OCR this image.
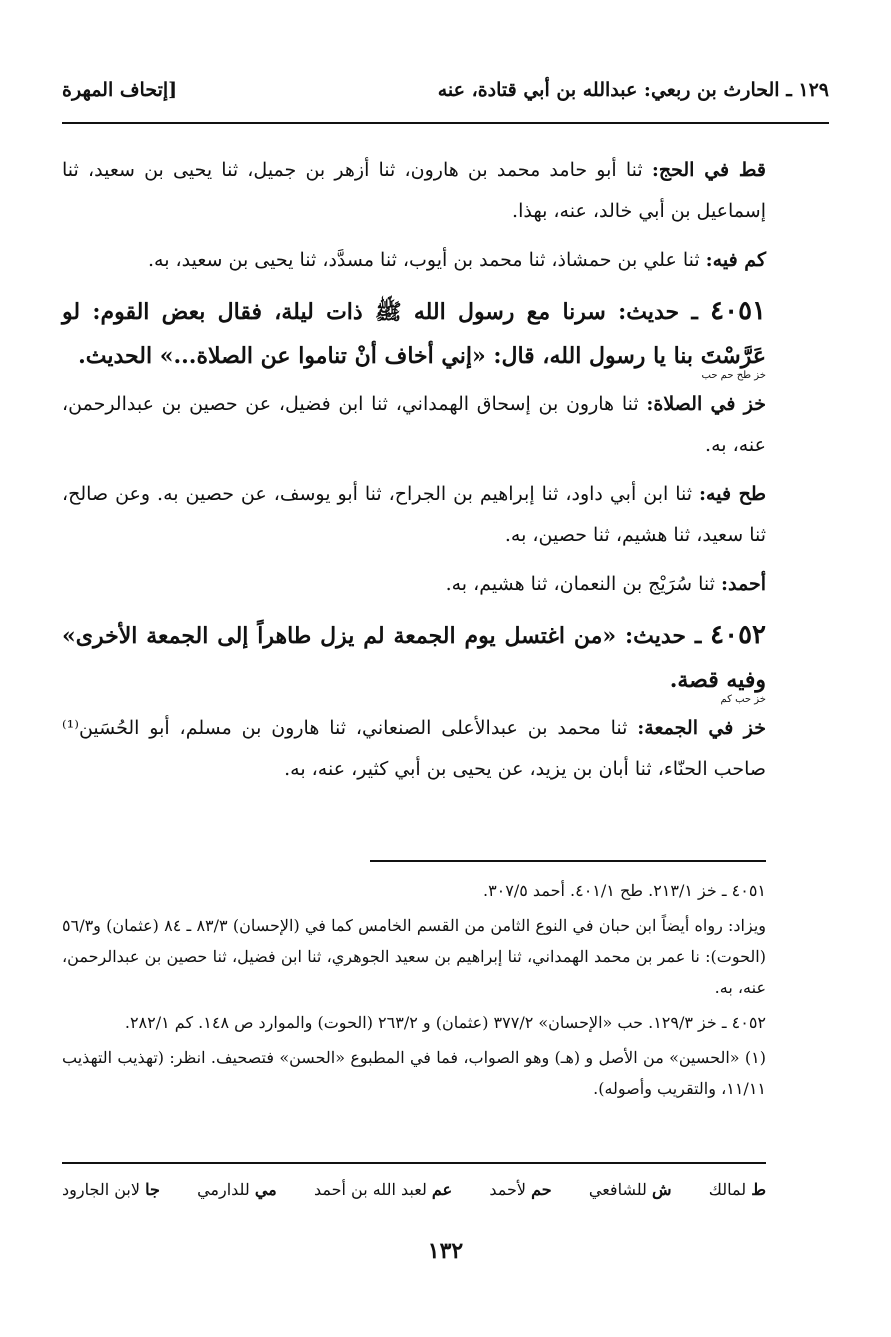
١٢٩ ـ الحارث بن ربعي: عبدالله بن أبي قتادة، عنه
[إتحاف المهرة

قط في الحج: ثنا أبو حامد محمد بن هارون، ثنا أزهر بن جميل، ثنا يحيى بن سعيد، ثنا إسماعيل بن أبي خالد، عنه، بهذا.

كم فيه: ثنا علي بن حمشاذ، ثنا محمد بن أيوب، ثنا مسدَّد، ثنا يحيى بن سعيد، به.

٤٠٥١ ـ حديث: سرنا مع رسول الله ﷺ ذات ليلة، فقال بعض القوم: لو عَرَّسْتَ بنا يا رسول الله، قال: «إني أخاف أنْ تناموا عن الصلاة...» الحديث.
خز طح حم حب

خز في الصلاة: ثنا هارون بن إسحاق الهمداني، ثنا ابن فضيل، عن حصين بن عبدالرحمن، عنه، به.

طح فيه: ثنا ابن أبي داود، ثنا إبراهيم بن الجراح، ثنا أبو يوسف، عن حصين به. وعن صالح، ثنا سعيد، ثنا هشيم، ثنا حصين، به.

أحمد: ثنا سُرَيْج بن النعمان، ثنا هشيم، به.

٤٠٥٢ ـ حديث: «من اغتسل يوم الجمعة لم يزل طاهراً إلى الجمعة الأخرى» وفيه قصة.
خز حب كم

خز في الجمعة: ثنا محمد بن عبدالأعلى الصنعاني، ثنا هارون بن مسلم، أبو الحُسَين⁽¹⁾ صاحب الحنّاء، ثنا أبان بن يزيد، عن يحيى بن أبي كثير، عنه، به.

٤٠٥١ ـ خز ٢١٣/١. طح ٤٠١/١. أحمد ٣٠٧/٥.

ويزاد: رواه أيضاً ابن حبان في النوع الثامن من القسم الخامس كما في (الإحسان) ٨٣/٣ ـ ٨٤ (عثمان) و٥٦/٣ (الحوت): نا عمر بن محمد الهمداني، ثنا إبراهيم بن سعيد الجوهري، ثنا ابن فضيل، ثنا حصين بن عبدالرحمن، عنه، به.

٤٠٥٢ ـ خز ١٢٩/٣. حب «الإحسان» ٣٧٧/٢ (عثمان) و ٢٦٣/٢ (الحوت) والموارد ص ١٤٨. كم ٢٨٢/١.

(١) «الحسين» من الأصل و (هـ) وهو الصواب، فما في المطبوع «الحسن» فتصحيف. انظر: (تهذيب التهذيب ١١/١١، والتقريب وأصوله).

ط لمالك
ش للشافعي
حم لأحمد
عم لعبد الله بن أحمد
مي للدارمي
جا لابن الجارود
١٣٢
